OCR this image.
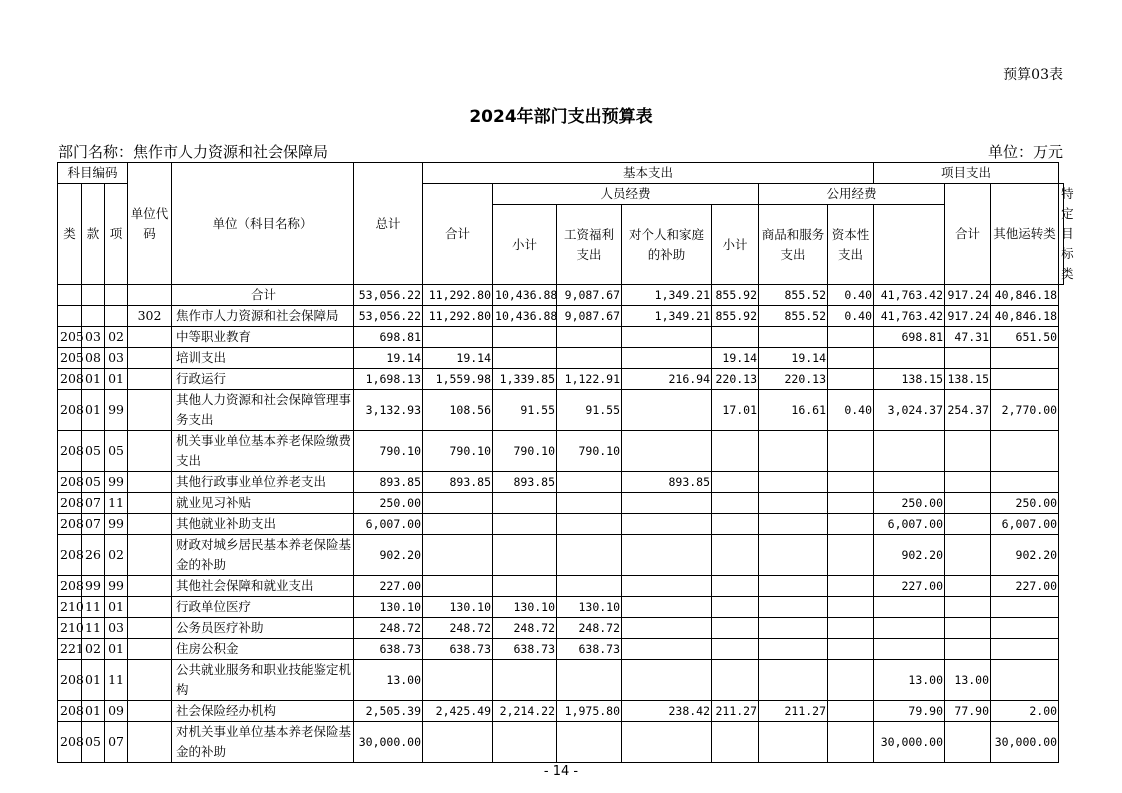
预算03表
2024年部门支出预算表
部门名称：焦作市人力资源和社会保障局	单位：万元
科目编码			单位代码	单位（科目名称）	总计	基本支出							项目支出			
类	款	项				合计	人员经费				公用经费			合计	其他运转类	特定目标类
							小计	工资福利支出	对个人和家庭的补助	小计	商品和服务支出	资本性支出				

				合计	53,056.22	11,292.80	10,436.88	9,087.67	1,349.21	855.92	855.52	0.40	41,763.42	917.24	40,846.18	
			302	焦作市人力资源和社会保障局	53,056.22	11,292.80	10,436.88	9,087.67	1,349.21	855.92	855.52	0.40	41,763.42	917.24	40,846.18	
205	03	02		中等职业教育	698.81								698.81	47.31	651.50	
205	08	03		培训支出	19.14	19.14				19.14	19.14					
208	01	01		行政运行	1,698.13	1,559.98	1,339.85	1,122.91	216.94	220.13	220.13		138.15	138.15		
208	01	99		其他人力资源和社会保障管理事务支出	3,132.93	108.56	91.55	91.55		17.01	16.61	0.40	3,024.37	254.37	2,770.00	
208	05	05		机关事业单位基本养老保险缴费支出	790.10	790.10	790.10	790.10								
208	05	99		其他行政事业单位养老支出	893.85	893.85	893.85		893.85							
208	07	11		就业见习补贴	250.00								250.00		250.00	
208	07	99		其他就业补助支出	6,007.00								6,007.00		6,007.00	
208	26	02		财政对城乡居民基本养老保险基金的补助	902.20								902.20		902.20	
208	99	99		其他社会保障和就业支出	227.00								227.00		227.00	
210	11	01		行政单位医疗	130.10	130.10	130.10	130.10								
210	11	03		公务员医疗补助	248.72	248.72	248.72	248.72								
221	02	01		住房公积金	638.73	638.73	638.73	638.73								
208	01	11		公共就业服务和职业技能鉴定机构	13.00								13.00	13.00		
208	01	09		社会保险经办机构	2,505.39	2,425.49	2,214.22	1,975.80	238.42	211.27	211.27		79.90	77.90	2.00	
208	05	07		对机关事业单位基本养老保险基金的补助	30,000.00								30,000.00		30,000.00	
- 14 -
